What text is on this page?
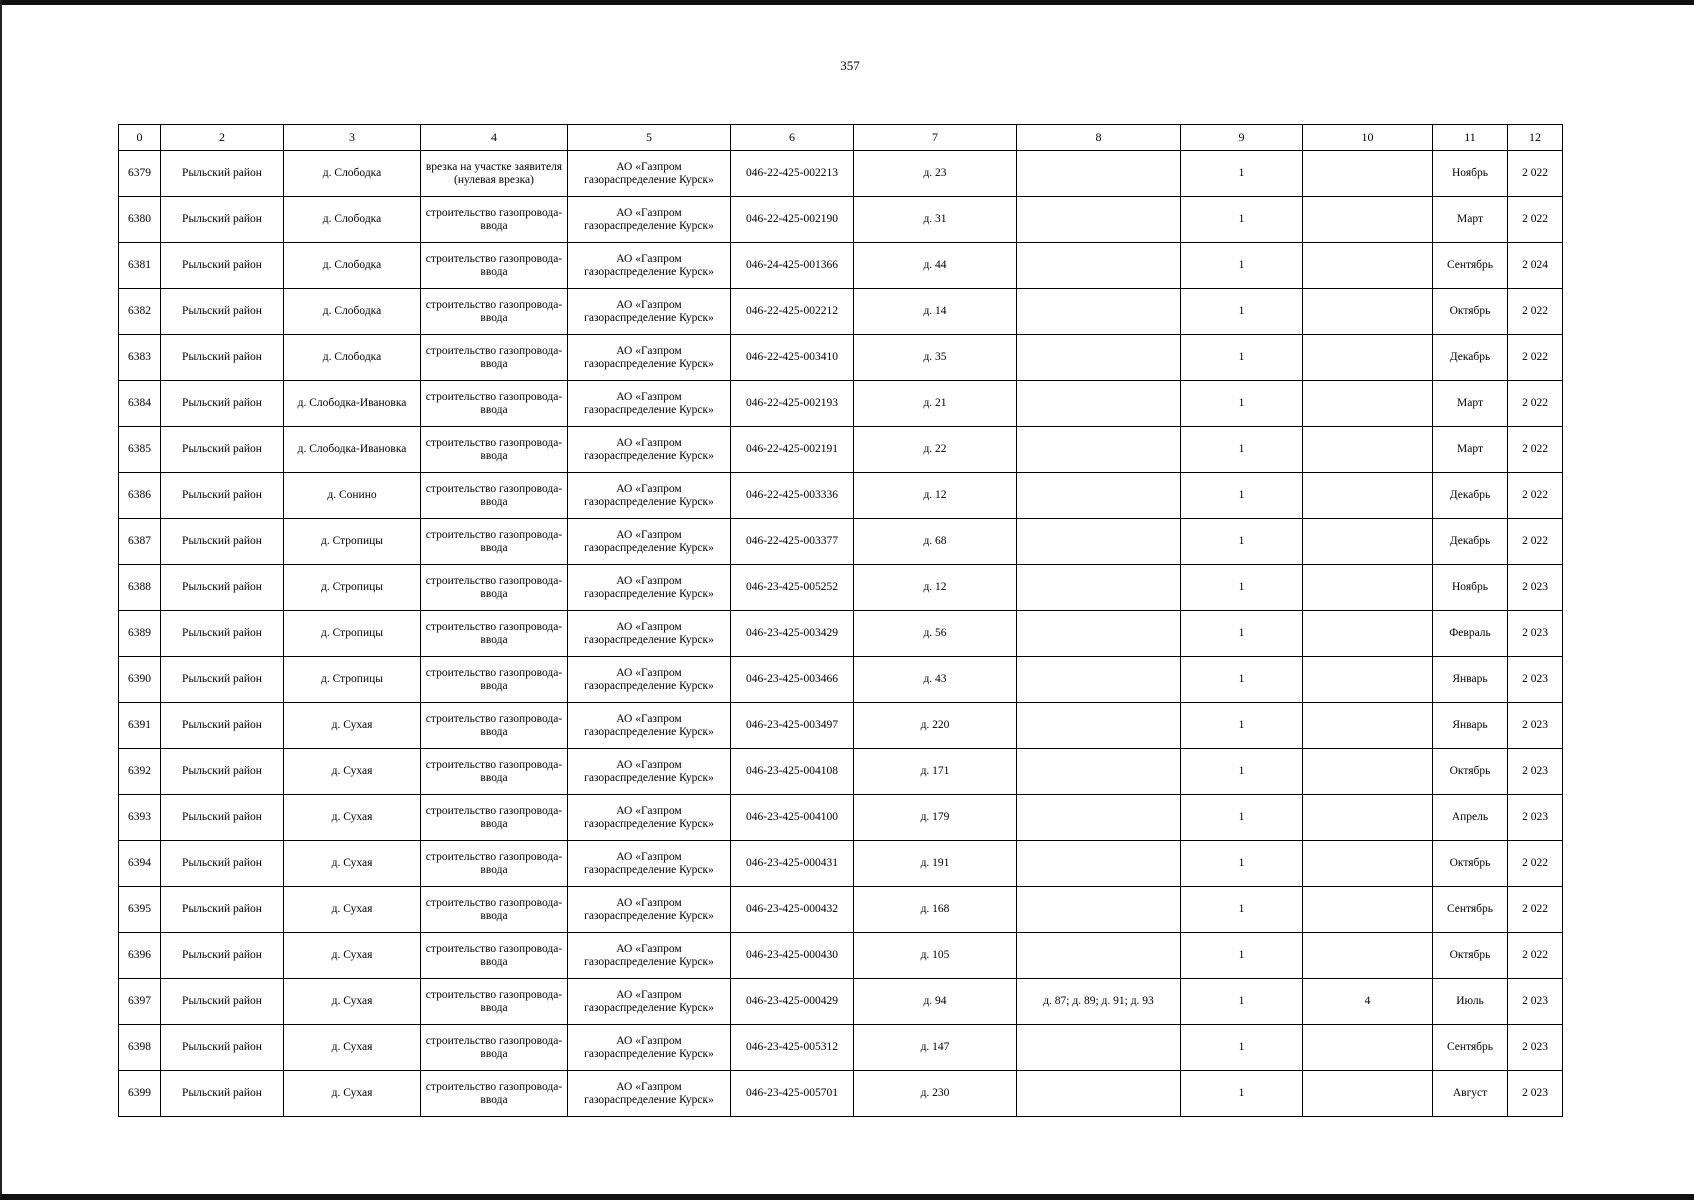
357
0	2	3	4	5	6	7	8	9	10	11	12
6379	Рыльский район	д. Слободка	врезка на участке заявителя (нулевая врезка)	АО «Газпром газораспределение Курск»	046-22-425-002213	д. 23		1		Ноябрь	2 022
6380	Рыльский район	д. Слободка	строительство газопровода-ввода	АО «Газпром газораспределение Курск»	046-22-425-002190	д. 31		1		Март	2 022
6381	Рыльский район	д. Слободка	строительство газопровода-ввода	АО «Газпром газораспределение Курск»	046-24-425-001366	д. 44		1		Сентябрь	2 024
6382	Рыльский район	д. Слободка	строительство газопровода-ввода	АО «Газпром газораспределение Курск»	046-22-425-002212	д. 14		1		Октябрь	2 022
6383	Рыльский район	д. Слободка	строительство газопровода-ввода	АО «Газпром газораспределение Курск»	046-22-425-003410	д. 35		1		Декабрь	2 022
6384	Рыльский район	д. Слободка-Ивановка	строительство газопровода-ввода	АО «Газпром газораспределение Курск»	046-22-425-002193	д. 21		1		Март	2 022
6385	Рыльский район	д. Слободка-Ивановка	строительство газопровода-ввода	АО «Газпром газораспределение Курск»	046-22-425-002191	д. 22		1		Март	2 022
6386	Рыльский район	д. Сонино	строительство газопровода-ввода	АО «Газпром газораспределение Курск»	046-22-425-003336	д. 12		1		Декабрь	2 022
6387	Рыльский район	д. Стропицы	строительство газопровода-ввода	АО «Газпром газораспределение Курск»	046-22-425-003377	д. 68		1		Декабрь	2 022
6388	Рыльский район	д. Стропицы	строительство газопровода-ввода	АО «Газпром газораспределение Курск»	046-23-425-005252	д. 12		1		Ноябрь	2 023
6389	Рыльский район	д. Стропицы	строительство газопровода-ввода	АО «Газпром газораспределение Курск»	046-23-425-003429	д. 56		1		Февраль	2 023
6390	Рыльский район	д. Стропицы	строительство газопровода-ввода	АО «Газпром газораспределение Курск»	046-23-425-003466	д. 43		1		Январь	2 023
6391	Рыльский район	д. Сухая	строительство газопровода-ввода	АО «Газпром газораспределение Курск»	046-23-425-003497	д. 220		1		Январь	2 023
6392	Рыльский район	д. Сухая	строительство газопровода-ввода	АО «Газпром газораспределение Курск»	046-23-425-004108	д. 171		1		Октябрь	2 023
6393	Рыльский район	д. Сухая	строительство газопровода-ввода	АО «Газпром газораспределение Курск»	046-23-425-004100	д. 179		1		Апрель	2 023
6394	Рыльский район	д. Сухая	строительство газопровода-ввода	АО «Газпром газораспределение Курск»	046-23-425-000431	д. 191		1		Октябрь	2 022
6395	Рыльский район	д. Сухая	строительство газопровода-ввода	АО «Газпром газораспределение Курск»	046-23-425-000432	д. 168		1		Сентябрь	2 022
6396	Рыльский район	д. Сухая	строительство газопровода-ввода	АО «Газпром газораспределение Курск»	046-23-425-000430	д. 105		1		Октябрь	2 022
6397	Рыльский район	д. Сухая	строительство газопровода-ввода	АО «Газпром газораспределение Курск»	046-23-425-000429	д. 94	д. 87; д. 89; д. 91; д. 93	1	4	Июль	2 023
6398	Рыльский район	д. Сухая	строительство газопровода-ввода	АО «Газпром газораспределение Курск»	046-23-425-005312	д. 147		1		Сентябрь	2 023
6399	Рыльский район	д. Сухая	строительство газопровода-ввода	АО «Газпром газораспределение Курск»	046-23-425-005701	д. 230		1		Август	2 023
